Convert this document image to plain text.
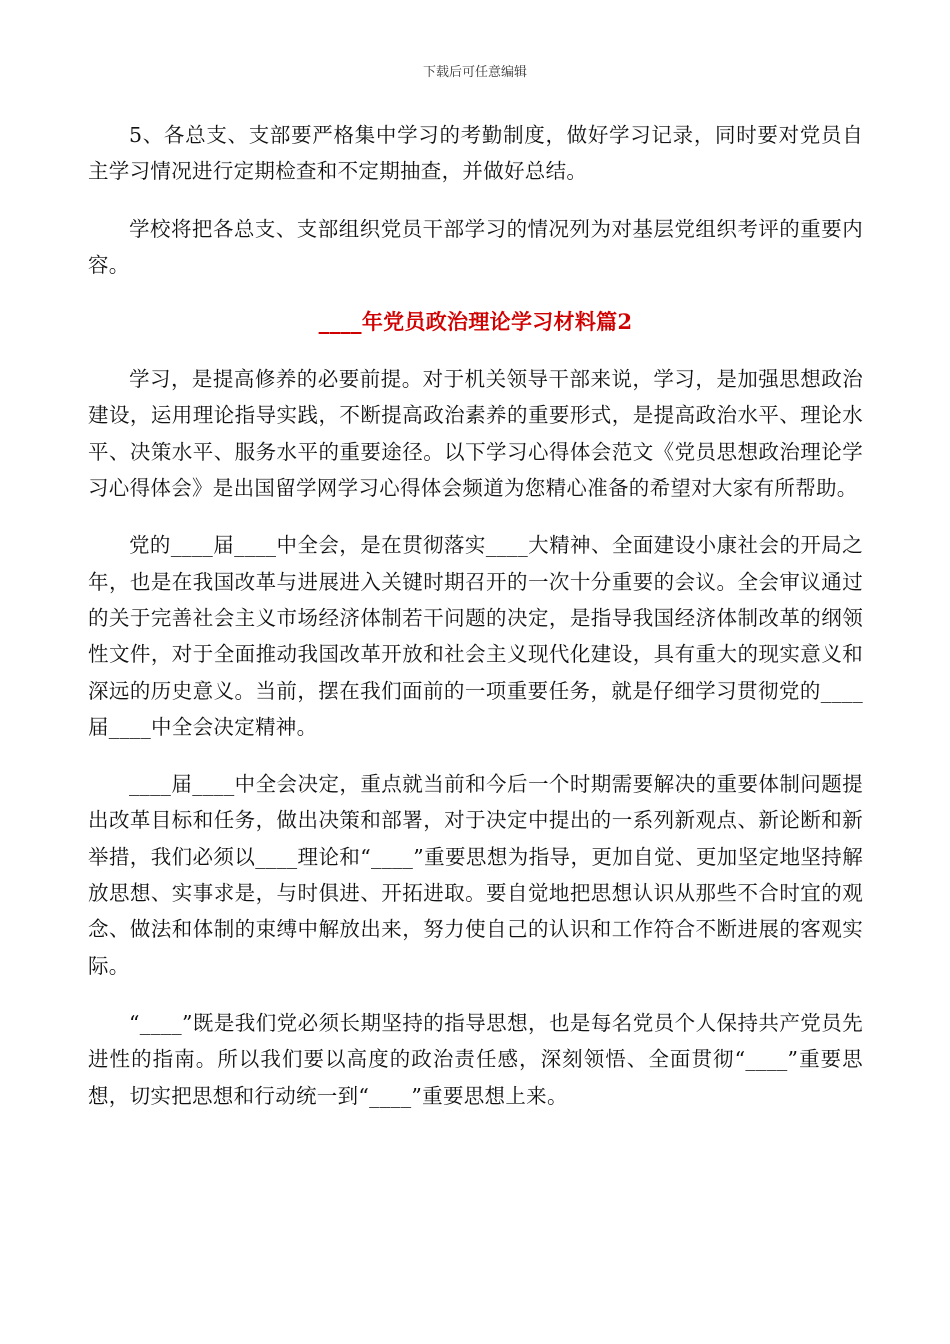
下载后可任意编辑

5、各总支、支部要严格集中学习的考勤制度，做好学习记录，同时要对党员自主学习情况进行定期检查和不定期抽查，并做好总结。

学校将把各总支、支部组织党员干部学习的情况列为对基层党组织考评的重要内容。

____年党员政治理论学习材料篇2

学习，是提高修养的必要前提。对于机关领导干部来说，学习，是加强思想政治建设，运用理论指导实践，不断提高政治素养的重要形式，是提高政治水平、理论水平、决策水平、服务水平的重要途径。以下学习心得体会范文《党员思想政治理论学习心得体会》是出国留学网学习心得体会频道为您精心准备的希望对大家有所帮助。

党的____届____中全会，是在贯彻落实____大精神、全面建设小康社会的开局之年，也是在我国改革与进展进入关键时期召开的一次十分重要的会议。全会审议通过的关于完善社会主义市场经济体制若干问题的决定，是指导我国经济体制改革的纲领性文件，对于全面推动我国改革开放和社会主义现代化建设，具有重大的现实意义和深远的历史意义。当前，摆在我们面前的一项重要任务，就是仔细学习贯彻党的____届____中全会决定精神。

____届____中全会决定，重点就当前和今后一个时期需要解决的重要体制问题提出改革目标和任务，做出决策和部署，对于决定中提出的一系列新观点、新论断和新举措，我们必须以____理论和“____”重要思想为指导，更加自觉、更加坚定地坚持解放思想、实事求是，与时俱进、开拓进取。要自觉地把思想认识从那些不合时宜的观念、做法和体制的束缚中解放出来，努力使自己的认识和工作符合不断进展的客观实际。

“____”既是我们党必须长期坚持的指导思想，也是每名党员个人保持共产党员先进性的指南。所以我们要以高度的政治责任感，深刻领悟、全面贯彻“____”重要思想，切实把思想和行动统一到“____”重要思想上来。
